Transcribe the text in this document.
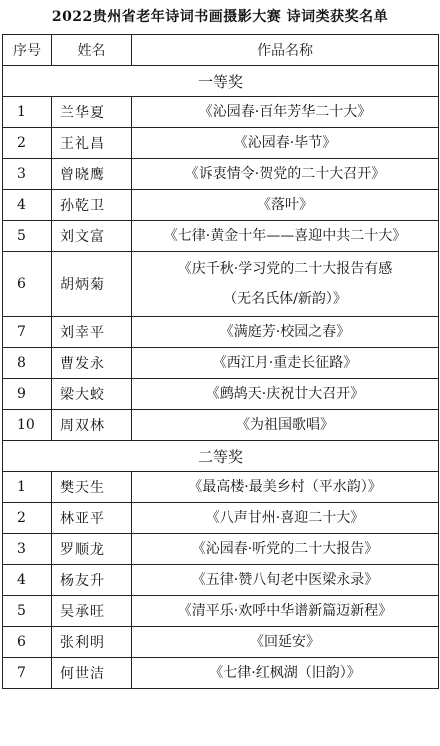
2022贵州省老年诗词书画摄影大赛 诗词类获奖名单
序号	姓名	作品名称
一等奖		
1	兰华夏	《沁园春·百年芳华二十大》
2	王礼昌	《沁园春·毕节》
3	曾晓鹰	《诉衷情令·贺党的二十大召开》
4	孙乾卫	《落叶》
5	刘文富	《七律·黄金十年——喜迎中共二十大》
6	胡炳菊	《庆千秋·学习党的二十大报告有感
（无名氏体/新韵）》

7	刘幸平	《满庭芳·校园之春》
8	曹发永	《西江月·重走长征路》
9	梁大蛟	《鹧鸪天·庆祝廿大召开》
10	周双林	《为祖国歌唱》
二等奖		
1	樊天生	《最高楼·最美乡村（平水韵）》
2	林亚平	《八声甘州·喜迎二十大》
3	罗顺龙	《沁园春·听党的二十大报告》
4	杨友升	《五律·赞八旬老中医梁永录》
5	吴承旺	《清平乐·欢呼中华谱新篇迈新程》
6	张利明	《回延安》
7	何世洁	《七律·红枫湖（旧韵）》
